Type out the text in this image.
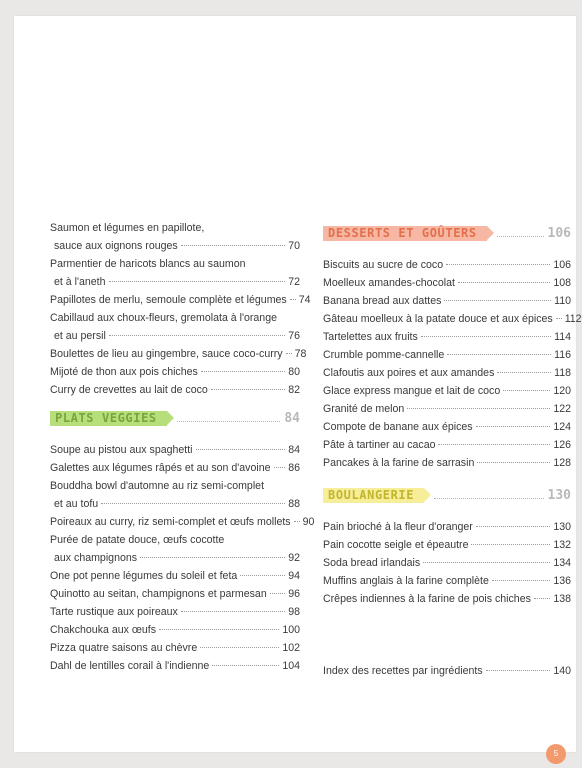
Saumon et légumes en papillote,
sauce aux oignons rouges	70
Parmentier de haricots blancs au saumon
et à l'aneth	72
Papillotes de merlu, semoule complète et légumes 74
Cabillaud aux choux-fleurs, gremolata à l'orange
et au persil	76
Boulettes de lieu au gingembre, sauce coco-curry 78
Mijoté de thon aux pois chiches	80
Curry de crevettes au lait de coco	82
PLATS VEGGIES	84
Soupe au pistou aux spaghetti	84
Galettes aux légumes râpés et au son d'avoine 86
Bouddha bowl d'automne au riz semi-complet
et au tofu	88
Poireaux au curry, riz semi-complet et œufs mollets 90
Purée de patate douce, œufs cocotte
aux champignons	92
One pot penne légumes du soleil et feta	94
Quinotto au seitan, champignons et parmesan 96
Tarte rustique aux poireaux	98
Chakchouka aux œufs	100
Pizza quatre saisons au chèvre	102
Dahl de lentilles corail à l'indienne	104
DESSERTS ET GOÛTERS	106
Biscuits au sucre de coco	106
Moelleux amandes-chocolat	108
Banana bread aux dattes	110
Gâteau moelleux à la patate douce et aux épices 112
Tartelettes aux fruits	114
Crumble pomme-cannelle	116
Clafoutis aux poires et aux amandes	118
Glace express mangue et lait de coco	120
Granité de melon	122
Compote de banane aux épices	124
Pâte à tartiner au cacao	126
Pancakes à la farine de sarrasin	128
BOULANGERIE	130
Pain brioché à la fleur d'oranger	130
Pain cocotte seigle et épeautre	132
Soda bread irlandais	134
Muffins anglais à la farine complète	136
Crêpes indiennes à la farine de pois chiches 138
Index des recettes par ingrédients	140
5
